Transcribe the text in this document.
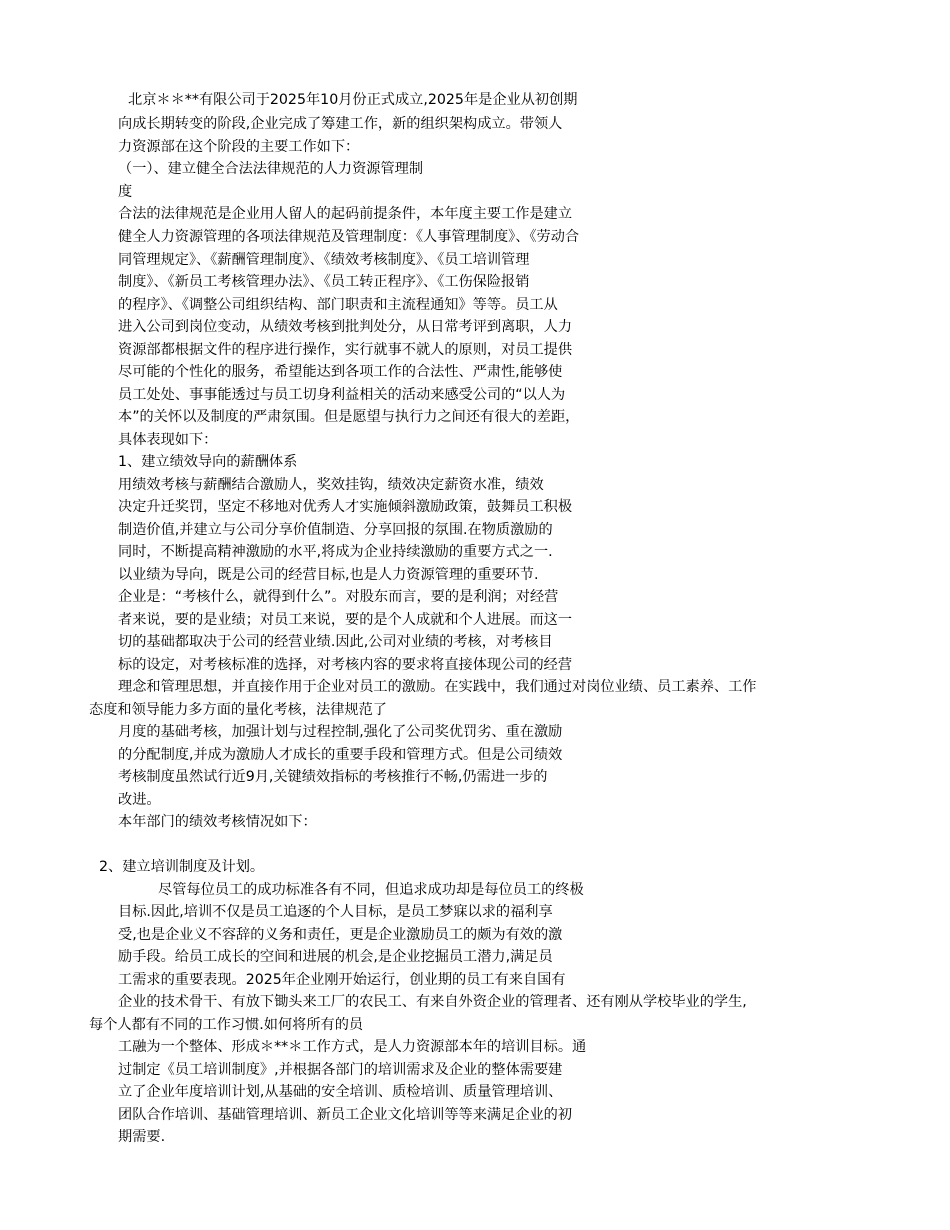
北京＊＊**有限公司于2025年10月份正式成立,2025年是企业从初创期
向成长期转变的阶段,企业完成了筹建工作，新的组织架构成立。带领人
力资源部在这个阶段的主要工作如下：
（一）、建立健全合法法律规范的人力资源管理制
度
合法的法律规范是企业用人留人的起码前提条件，本年度主要工作是建立
健全人力资源管理的各项法律规范及管理制度：《人事管理制度》、《劳动合
同管理规定》、《薪酬管理制度》、《绩效考核制度》、《员工培训管理
制度》、《新员工考核管理办法》、《员工转正程序》、《工伤保险报销
的程序》、《调整公司组织结构、部门职责和主流程通知》等等。员工从
进入公司到岗位变动，从绩效考核到批判处分，从日常考评到离职，人力
资源部都根据文件的程序进行操作，实行就事不就人的原则，对员工提供
尽可能的个性化的服务，希望能达到各项工作的合法性、严肃性,能够使
员工处处、事事能透过与员工切身利益相关的活动来感受公司的“以人为
本”的关怀以及制度的严肃氛围。但是愿望与执行力之间还有很大的差距，
具体表现如下：
1、建立绩效导向的薪酬体系
用绩效考核与薪酬结合激励人，奖效挂钩，绩效决定薪资水准，绩效
决定升迁奖罚，坚定不移地对优秀人才实施倾斜激励政策，鼓舞员工积极
制造价值,并建立与公司分享价值制造、分享回报的氛围.在物质激励的
同时，不断提高精神激励的水平,将成为企业持续激励的重要方式之一.
以业绩为导向，既是公司的经营目标,也是人力资源管理的重要环节.
企业是：“考核什么，就得到什么”。对股东而言，要的是利润；对经营
者来说，要的是业绩；对员工来说，要的是个人成就和个人进展。而这一
切的基础都取决于公司的经营业绩.因此,公司对业绩的考核，对考核目
标的设定，对考核标准的选择，对考核内容的要求将直接体现公司的经营
理念和管理思想，并直接作用于企业对员工的激励。在实践中，我们通过对岗位业绩、员工素养、工作
态度和领导能力多方面的量化考核，法律规范了
月度的基础考核，加强计划与过程控制,强化了公司奖优罚劣、重在激励
的分配制度,并成为激励人才成长的重要手段和管理方式。但是公司绩效
考核制度虽然试行近9月,关键绩效指标的考核推行不畅,仍需进一步的
改进。
本年部门的绩效考核情况如下：
2、建立培训制度及计划。
尽管每位员工的成功标准各有不同，但追求成功却是每位员工的终极
目标.因此,培训不仅是员工追逐的个人目标，是员工梦寐以求的福利享
受,也是企业义不容辞的义务和责任，更是企业激励员工的颇为有效的激
励手段。给员工成长的空间和进展的机会,是企业挖掘员工潜力,满足员
工需求的重要表现。2025年企业刚开始运行，创业期的员工有来自国有
企业的技术骨干、有放下锄头来工厂的农民工、有来自外资企业的管理者、还有刚从学校毕业的学生,
每个人都有不同的工作习惯.如何将所有的员
工融为一个整体、形成＊**＊工作方式，是人力资源部本年的培训目标。通
过制定《员工培训制度》,并根据各部门的培训需求及企业的整体需要建
立了企业年度培训计划,从基础的安全培训、质检培训、质量管理培训、
团队合作培训、基础管理培训、新员工企业文化培训等等来满足企业的初
期需要.
